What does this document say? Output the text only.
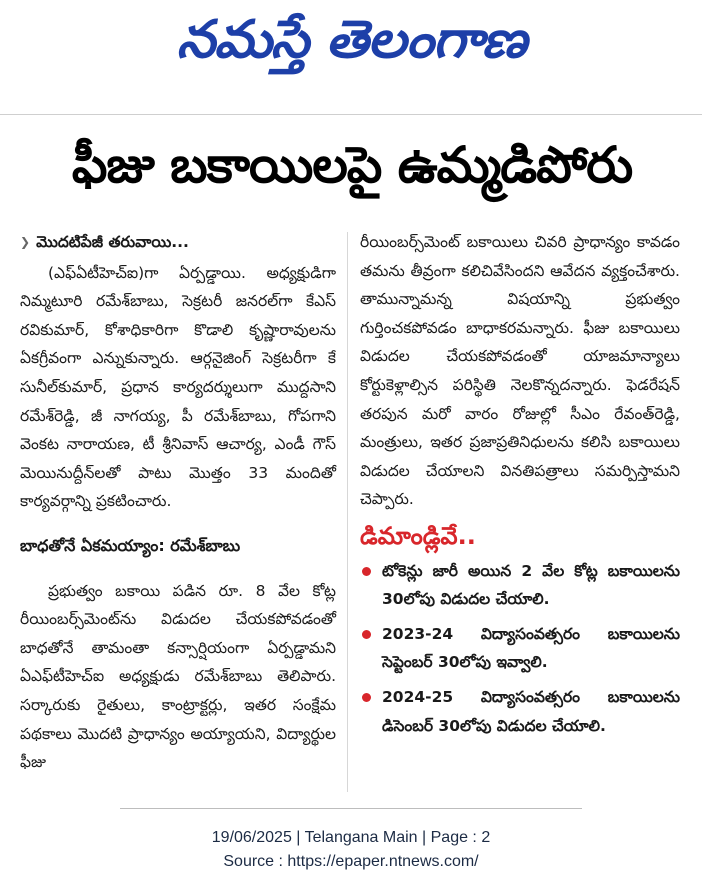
నమస్తే తెలంగాణ
ఫీజు బకాయిలపై ఉమ్మడిపోరు
❯ మొదటిపేజీ తరువాయి...
(ఎఫ్ఏటీహెచ్ఐ)గా ఏర్పడ్డాయి. అధ్యక్షుడిగా నిమ్మటూరి రమేశ్‌బాబు, సెక్రటరీ జనరల్‌గా కేఎస్ రవికుమార్, కోశాధికారిగా కొడాలి కృష్ణారావులను ఏకగ్రీవంగా ఎన్నుకున్నారు. ఆర్గనైజింగ్ సెక్రటరీగా కే సునీల్‌కుమార్, ప్రధాన కార్యదర్శులుగా ముద్దసాని రమేశ్‌రెడ్డి, జీ నాగయ్య, పీ రమేశ్‌బాబు, గోపగాని వెంకట నారాయణ, టీ శ్రీనివాస్ ఆచార్య, ఎండీ గౌస్ మెయినుద్దీన్‌లతో పాటు మొత్తం 33 మందితో కార్యవర్గాన్ని ప్రకటించారు.
బాధతోనే ఏకమయ్యాం: రమేశ్‌బాబు
ప్రభుత్వం బకాయి పడిన రూ. 8 వేల కోట్ల రీయింబర్స్‌మెంట్‌ను విడుదల చేయకపోవడంతో బాధతోనే తామంతా కన్సార్షియంగా ఏర్పడ్డామని ఏఎఫ్‌టీహెచ్ఐ అధ్యక్షుడు రమేశ్‌బాబు తెలిపారు. సర్కారుకు రైతులు, కాంట్రాక్టర్లు, ఇతర సంక్షేమ పథకాలు మొదటి ప్రాధాన్యం అయ్యాయని, విద్యార్థుల ఫీజు
రీయింబర్స్‌మెంట్ బకాయిలు చివరి ప్రాధాన్యం కావడం తమను తీవ్రంగా కలిచివేసిందని ఆవేదన వ్యక్తంచేశారు. తామున్నామన్న విషయాన్ని ప్రభుత్వం గుర్తించకపోవడం బాధాకరమన్నారు. ఫీజు బకాయిలు విడుదల చేయకపోవడంతో యాజమాన్యాలు కోర్టుకెళ్లాల్సిన పరిస్థితి నెలకొన్నదన్నారు. ఫెడరేషన్ తరపున మరో వారం రోజుల్లో సీఎం రేవంత్‌రెడ్డి, మంత్రులు, ఇతర ప్రజాప్రతినిధులను కలిసి బకాయిలు విడుదల చేయాలని వినతిపత్రాలు సమర్పిస్తామని చెప్పారు.
డిమాండ్లివే..
టోకెన్లు జారీ అయిన 2 వేల కోట్ల బకాయిలను 30లోపు విడుదల చేయాలి.
2023-24 విద్యాసంవత్సరం బకాయిలను సెప్టెంబర్ 30లోపు ఇవ్వాలి.
2024-25 విద్యాసంవత్సరం బకాయిలను డిసెంబర్ 30లోపు విడుదల చేయాలి.
19/06/2025 | Telangana Main | Page : 2
Source : https://epaper.ntnews.com/
